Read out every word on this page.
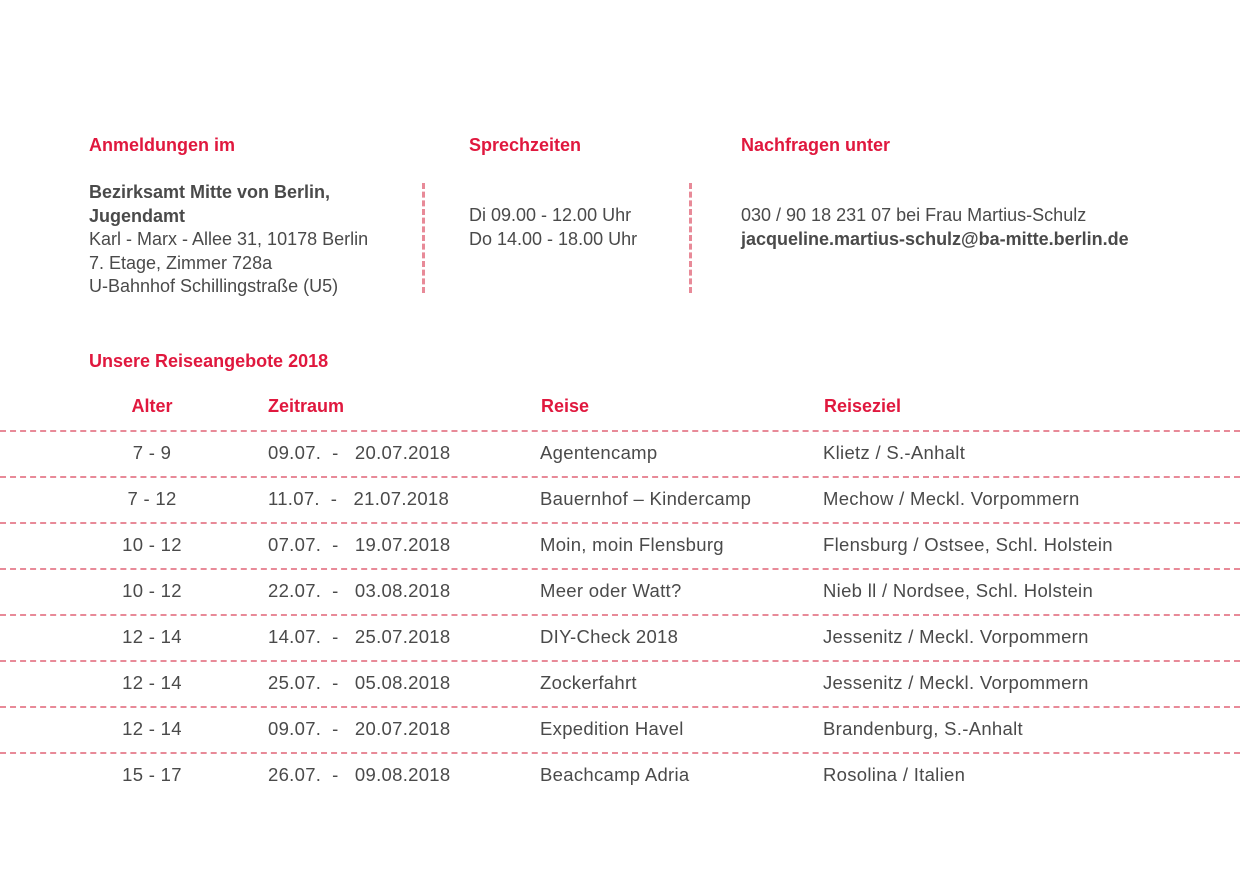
Anmeldungen im
Bezirksamt Mitte von Berlin,
Jugendamt
Karl - Marx - Allee 31, 10178 Berlin
7. Etage, Zimmer 728a
U-Bahnhof Schillingstraße (U5)
Sprechzeiten
Di 09.00 - 12.00 Uhr
Do 14.00 - 18.00 Uhr
Nachfragen unter
030 / 90 18 231 07 bei Frau Martius-Schulz
jacqueline.martius-schulz@ba-mitte.berlin.de
Unsere Reiseangebote 2018
Alter	Zeitraum	Reise	Reiseziel
7 - 9	09.07.  -   20.07.2018	Agentencamp	Klietz / S.-Anhalt
7 - 12	11.07.  -   21.07.2018	Bauernhof – Kindercamp	Mechow / Meckl. Vorpommern
10 - 12	07.07.  -   19.07.2018	Moin, moin Flensburg	Flensburg / Ostsee, Schl. Holstein
10 - 12	22.07.  -   03.08.2018	Meer oder Watt?	Nieb ll / Nordsee, Schl. Holstein
12 - 14	14.07.  -   25.07.2018	DIY-Check 2018	Jessenitz / Meckl. Vorpommern
12 - 14	25.07.  -   05.08.2018	Zockerfahrt	Jessenitz / Meckl. Vorpommern
12 - 14	09.07.  -   20.07.2018	Expedition Havel	Brandenburg, S.-Anhalt
15 - 17	26.07.  -   09.08.2018	Beachcamp Adria	Rosolina / Italien
